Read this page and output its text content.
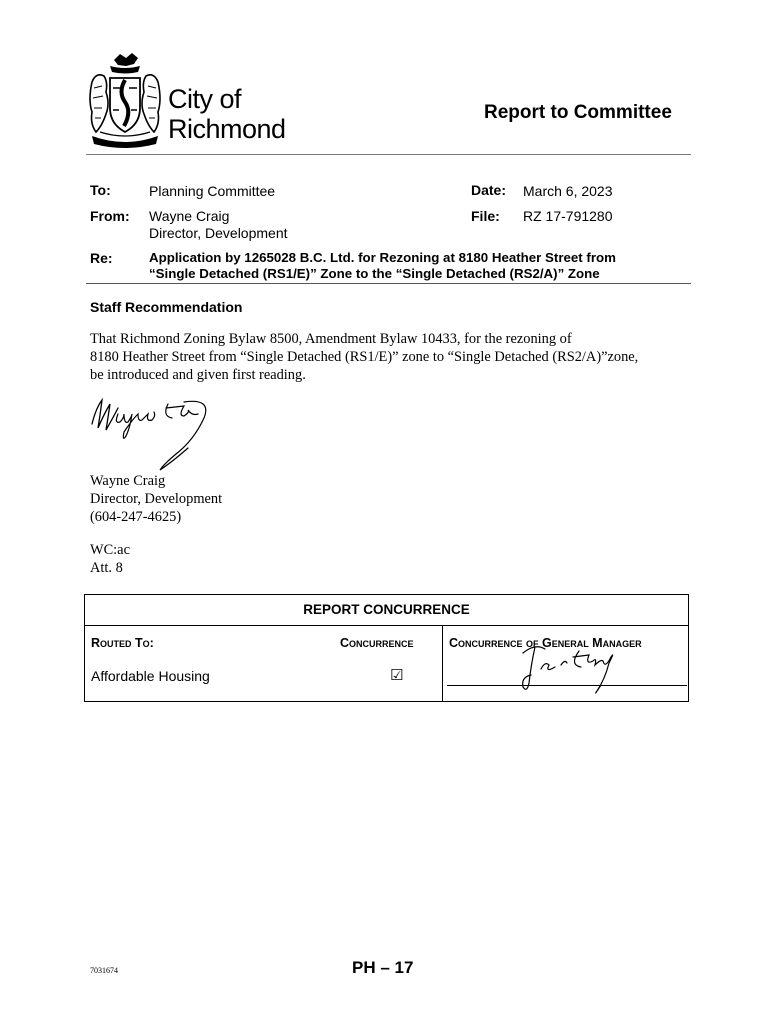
City of
Richmond
Report to Committee
To:	Planning Committee	Date: March 6, 2023
From: Wayne Craig
Director, Development
File: RZ 17-791280
Re:	Application by 1265028 B.C. Ltd. for Rezoning at 8180 Heather Street from
“Single Detached (RS1/E)” Zone to the “Single Detached (RS2/A)” Zone
Staff Recommendation
That Richmond Zoning Bylaw 8500, Amendment Bylaw 10433, for the rezoning of
8180 Heather Street from “Single Detached (RS1/E)” zone to “Single Detached (RS2/A)”zone,
be introduced and given first reading.
Wayne Craig
Director, Development
(604-247-4625)
WC:ac
Att. 8
REPORT CONCURRENCE
Routed To:	Concurrence	Concurrence of General Manager
Affordable Housing	☑
7031674	PH – 17
